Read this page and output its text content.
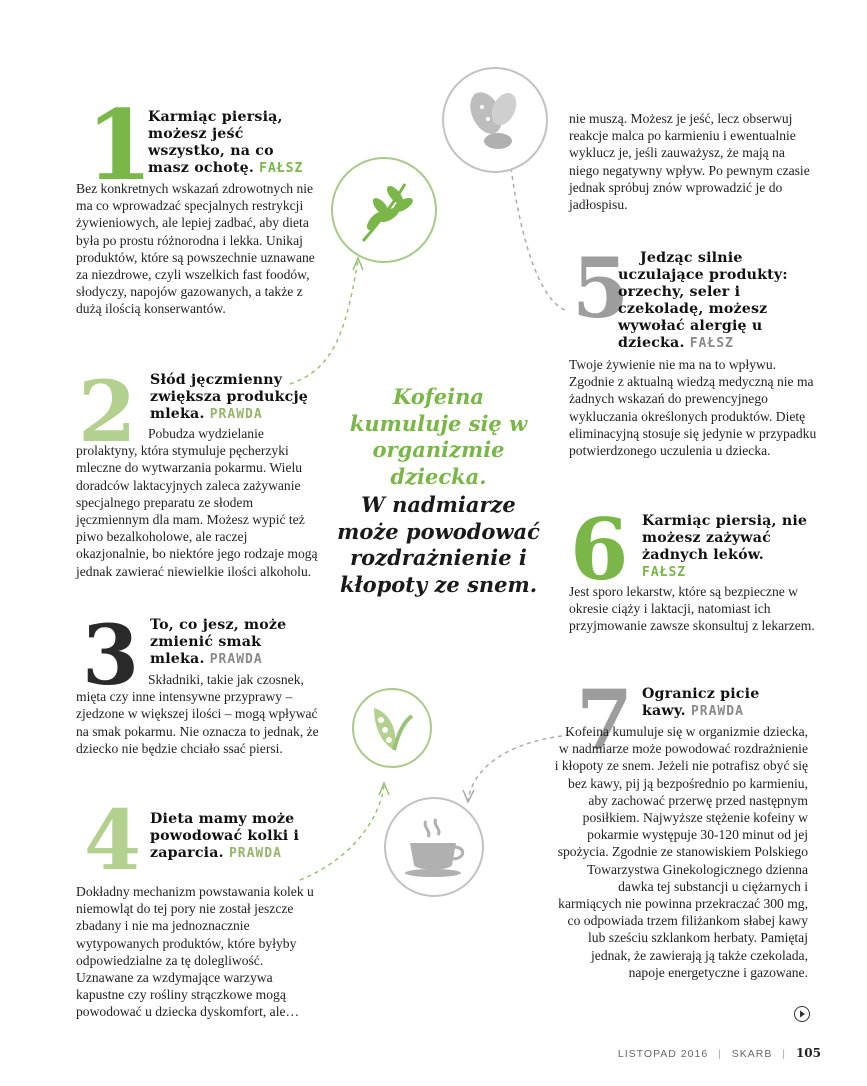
1
Karmiąc piersią, możesz jeść wszystko, na co masz ochotę. FAŁSZ
Bez konkretnych wskazań zdrowotnych nie ma co wprowadzać specjalnych restrykcji żywieniowych, ale lepiej zadbać, aby dieta była po prostu różnorodna i lekka. Unikaj produktów, które są powszechnie uznawane za niezdrowe, czyli wszelkich fast foodów, słodyczy, napojów gazowanych, a także z dużą ilością konserwantów.
2 Słód jęczmienny zwiększa produkcję mleka. PRAWDA
Pobudza wydzielanie prolaktyny, która stymuluje pęcherzyki mleczne do wytwarzania pokarmu. Wielu doradców laktacyjnych zaleca zażywanie specjalnego preparatu ze słodem jęczmiennym dla mam. Możesz wypić też piwo bezalkoholowe, ale raczej okazjonalnie, bo niektóre jego rodzaje mogą jednak zawierać niewielkie ilości alkoholu.
3 To, co jesz, może zmienić smak mleka. PRAWDA
Składniki, takie jak czosnek, mięta czy inne intensywne przyprawy – zjedzone w większej ilości – mogą wpływać na smak pokarmu. Nie oznacza to jednak, że dziecko nie będzie chciało ssać piersi.
4 Dieta mamy może powodować kolki i zaparcia. PRAWDA
Dokładny mechanizm powstawania kolek u niemowląt do tej pory nie został jeszcze zbadany i nie ma jednoznacznie wytypowanych produktów, które byłyby odpowiedzialne za tę dolegliwość. Uznawane za wzdymające warzywa kapustne czy rośliny strączkowe mogą powodować u dziecka dyskomfort, ale…
nie muszą. Możesz je jeść, lecz obserwuj reakcje malca po karmieniu i ewentualnie wyklucz je, jeśli zauważysz, że mają na niego negatywny wpływ. Po pewnym czasie jednak spróbuj znów wprowadzić je do jadłospisu.
5 Jedząc silnie uczulające produkty: orzechy, seler i czekoladę, możesz wywołać alergię u dziecka. FAŁSZ
Twoje żywienie nie ma na to wpływu. Zgodnie z aktualną wiedzą medyczną nie ma żadnych wskazań do prewencyjnego wykluczania określonych produktów. Dietę eliminacyjną stosuje się jedynie w przypadku potwierdzonego uczulenia u dziecka.
6 Karmiąc piersią, nie możesz zażywać żadnych leków. FAŁSZ
Jest sporo lekarstw, które są bezpieczne w okresie ciąży i laktacji, natomiast ich przyjmowanie zawsze skonsultuj z lekarzem.
7 Ogranicz picie kawy. PRAWDA
Kofeina kumuluje się w organizmie dziecka, w nadmiarze może powodować rozdrażnienie i kłopoty ze snem. Jeżeli nie potrafisz obyć się bez kawy, pij ją bezpośrednio po karmieniu, aby zachować przerwę przed następnym posiłkiem. Najwyższe stężenie kofeiny w pokarmie występuje 30-120 minut od jej spożycia. Zgodnie ze stanowiskiem Polskiego Towarzystwa Ginekologicznego dzienna dawka tej substancji u ciężarnych i karmiących nie powinna przekraczać 300 mg, co odpowiada trzem filiżankom słabej kawy lub sześciu szklankom herbaty. Pamiętaj jednak, że zawierają ją także czekolada, napoje energetyczne i gazowane.
Kofeina kumuluje się w organizmie dziecka.
W nadmiarze może powodować rozdrażnienie i kłopoty ze snem.
LISTOPAD 2016 | SKARB | 105
